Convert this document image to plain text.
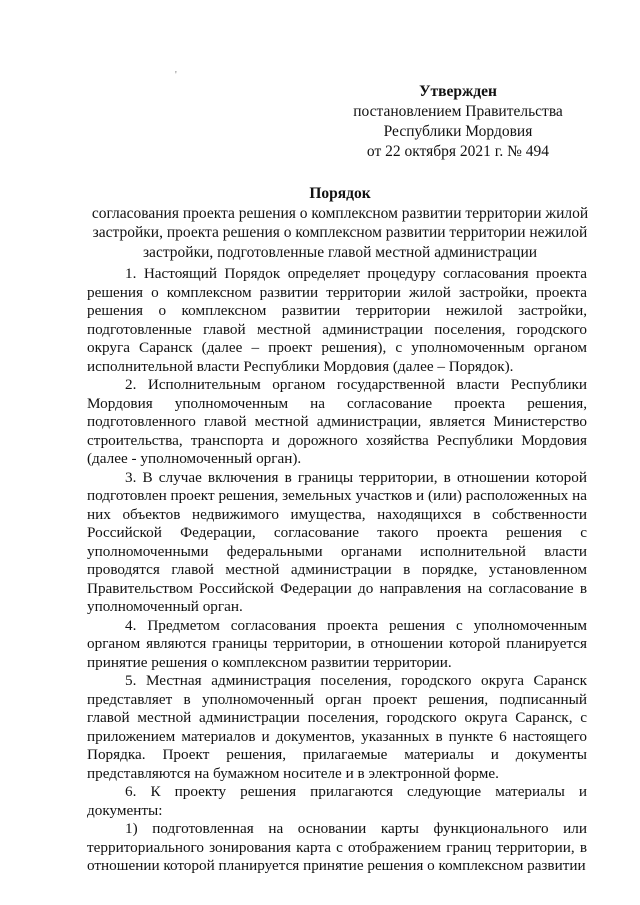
'
Утвержден
постановлением Правительства
Республики Мордовия
от 22 октября 2021 г. № 494
Порядок
согласования проекта решения о комплексном развитии территории жилой застройки, проекта решения о комплексном развитии территории нежилой застройки, подготовленные главой местной администрации

1. Настоящий Порядок определяет процедуру согласования проекта решения о комплексном развитии территории жилой застройки, проекта решения о комплексном развитии территории нежилой застройки, подготовленные главой местной администрации поселения, городского округа Саранск (далее – проект решения), с уполномоченным органом исполнительной власти Республики Мордовия (далее – Порядок).

2. Исполнительным органом государственной власти Республики Мордовия уполномоченным на согласование проекта решения, подготовленного главой местной администрации, является Министерство строительства, транспорта и дорожного хозяйства Республики Мордовия (далее - уполномоченный орган).

3. В случае включения в границы территории, в отношении которой подготовлен проект решения, земельных участков и (или) расположенных на них объектов недвижимого имущества, находящихся в собственности Российской Федерации, согласование такого проекта решения с уполномоченными федеральными органами исполнительной власти проводятся главой местной администрации в порядке, установленном Правительством Российской Федерации до направления на согласование в уполномоченный орган.

4. Предметом согласования проекта решения с уполномоченным органом являются границы территории, в отношении которой планируется принятие решения о комплексном развитии территории.

5. Местная администрация поселения, городского округа Саранск представляет в уполномоченный орган проект решения, подписанный главой местной администрации поселения, городского округа Саранск, с приложением материалов и документов, указанных в пункте 6 настоящего Порядка. Проект решения, прилагаемые материалы и документы представляются на бумажном носителе и в электронной форме.

6. К проекту решения прилагаются следующие материалы и документы:

1) подготовленная на основании карты функционального или территориального зонирования карта с отображением границ территории, в отношении которой планируется принятие решения о комплексном развитии
